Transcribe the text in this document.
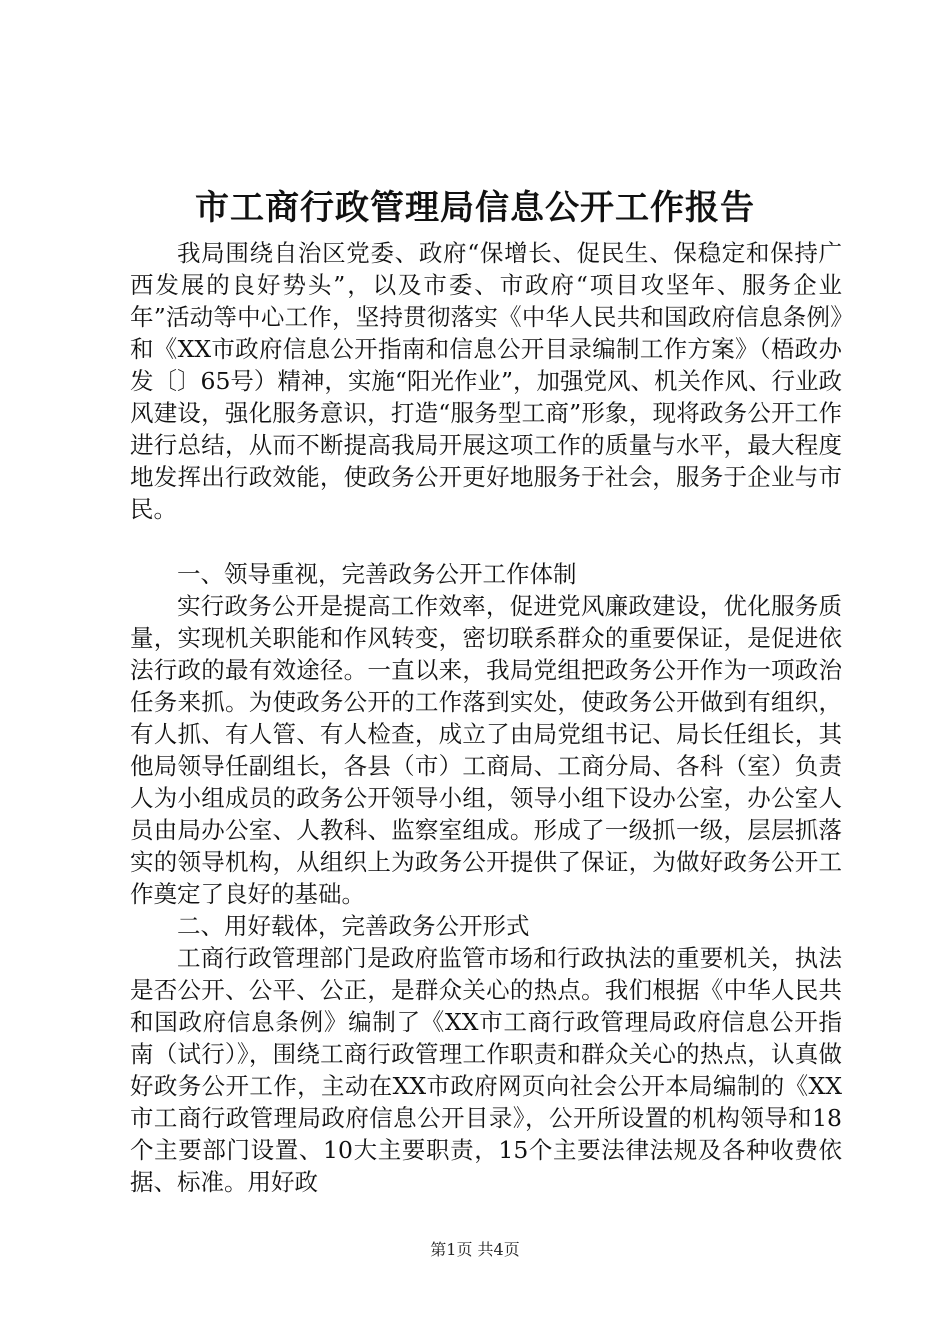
市工商行政管理局信息公开工作报告

我局围绕自治区党委、政府“保增长、促民生、保稳定和保持广西发展的良好势头”，以及市委、市政府“项目攻坚年、服务企业年”活动等中心工作，坚持贯彻落实《中华人民共和国政府信息条例》和《XX市政府信息公开指南和信息公开目录编制工作方案》（梧政办发〔〕65号）精神，实施“阳光作业”，加强党风、机关作风、行业政风建设，强化服务意识，打造“服务型工商”形象，现将政务公开工作进行总结，从而不断提高我局开展这项工作的质量与水平，最大程度地发挥出行政效能，使政务公开更好地服务于社会，服务于企业与市民。

一、领导重视，完善政务公开工作体制

实行政务公开是提高工作效率，促进党风廉政建设，优化服务质量，实现机关职能和作风转变，密切联系群众的重要保证，是促进依法行政的最有效途径。一直以来，我局党组把政务公开作为一项政治任务来抓。为使政务公开的工作落到实处，使政务公开做到有组织，有人抓、有人管、有人检查，成立了由局党组书记、局长任组长，其他局领导任副组长，各县（市）工商局、工商分局、各科（室）负责人为小组成员的政务公开领导小组，领导小组下设办公室，办公室人员由局办公室、人教科、监察室组成。形成了一级抓一级，层层抓落实的领导机构，从组织上为政务公开提供了保证，为做好政务公开工作奠定了良好的基础。

二、用好载体，完善政务公开形式

工商行政管理部门是政府监管市场和行政执法的重要机关，执法是否公开、公平、公正，是群众关心的热点。我们根据《中华人民共和国政府信息条例》编制了《XX市工商行政管理局政府信息公开指南（试行）》，围绕工商行政管理工作职责和群众关心的热点，认真做好政务公开工作，主动在XX市政府网页向社会公开本局编制的《XX市工商行政管理局政府信息公开目录》，公开所设置的机构领导和18个主要部门设置、10大主要职责，15个主要法律法规及各种收费依据、标准。用好政

第1页 共4页
